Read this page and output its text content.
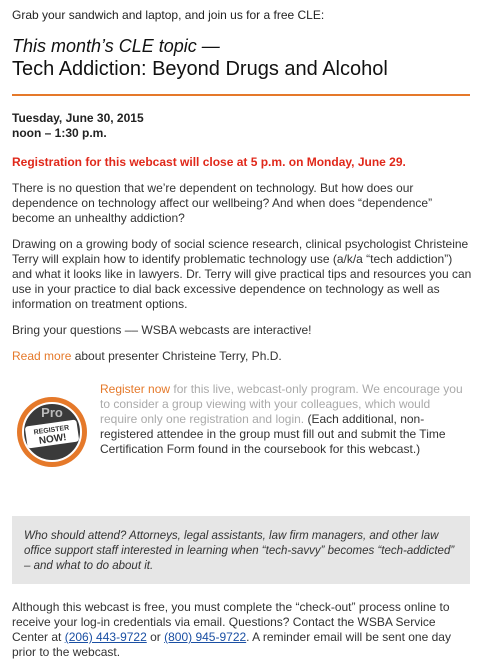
Grab your sandwich and laptop, and join us for a free CLE:
This month’s CLE topic —
Tech Addiction: Beyond Drugs and Alcohol
Tuesday, June 30, 2015
noon – 1:30 p.m.
Registration for this webcast will close at 5 p.m. on Monday, June 29.

There is no question that we’re dependent on technology. But how does our dependence on technology affect our wellbeing? And when does “dependence” become an unhealthy addiction?

Drawing on a growing body of social science research, clinical psychologist Christeine Terry will explain how to identify problematic technology use (a/k/a “tech addiction”) and what it looks like in lawyers. Dr. Terry will give practical tips and resources you can use in your practice to dial back excessive dependence on technology as well as information on treatment options.

Bring your questions –– WSBA webcasts are interactive!

Read more about presenter Christeine Terry, Ph.D.

Pro
REGISTER
NOW!
Register now for this live, webcast-only program. We encourage you to consider a group viewing with your colleagues, which would require only one registration and login. (Each additional, non-registered attendee in the group must fill out and submit the Time Certification Form found in the coursebook for this webcast.)
Who should attend? Attorneys, legal assistants, law firm managers, and other law office support staff interested in learning when “tech-savvy” becomes “tech-addicted” – and what to do about it.
Although this webcast is free, you must complete the “check-out” process online to receive your log-in credentials via email. Questions? Contact the WSBA Service Center at (206) 443-9722 or (800) 945-9722. A reminder email will be sent one day prior to the webcast.
